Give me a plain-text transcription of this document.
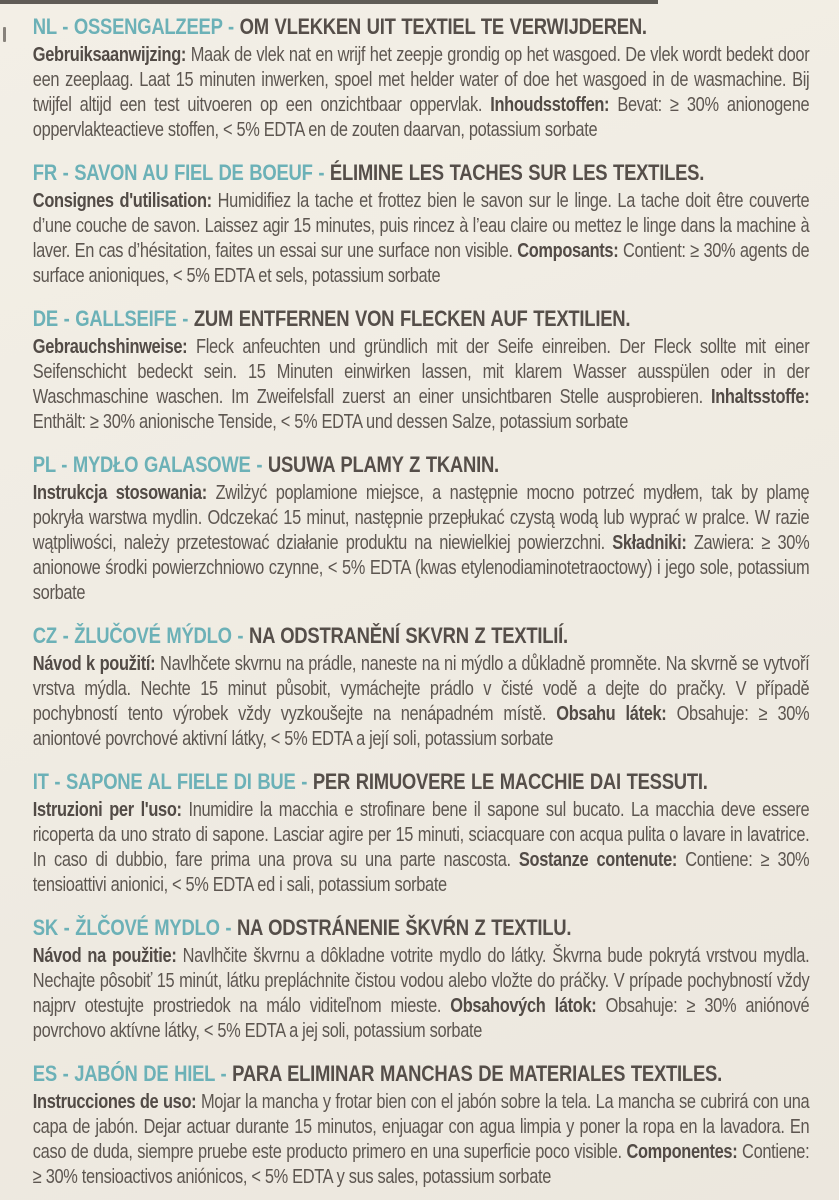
NL - OSSENGALZEEP - OM VLEKKEN UIT TEXTIEL TE VERWIJDEREN.

Gebruiksaanwijzing: Maak de vlek nat en wrijf het zeepje grondig op het wasgoed. De vlek wordt bedekt door een zeeplaag. Laat 15 minuten inwerken, spoel met helder water of doe het wasgoed in de wasmachine. Bij twijfel altijd een test uitvoeren op een onzichtbaar oppervlak. Inhoudsstoffen: Bevat: ≥ 30% anionogene oppervlakteactieve stoffen, < 5% EDTA en de zouten daarvan, potassium sorbate

FR - SAVON AU FIEL DE BOEUF - ÉLIMINE LES TACHES SUR LES TEXTILES.

Consignes d'utilisation: Humidifiez la tache et frottez bien le savon sur le linge. La tache doit être couverte d’une couche de savon. Laissez agir 15 minutes, puis rincez à l’eau claire ou mettez le linge dans la machine à laver. En cas d’hésitation, faites un essai sur une surface non visible. Composants: Contient: ≥ 30% agents de surface anioniques, < 5% EDTA et sels, potassium sorbate

DE - GALLSEIFE - ZUM ENTFERNEN VON FLECKEN AUF TEXTILIEN.

Gebrauchshinweise: Fleck anfeuchten und gründlich mit der Seife einreiben. Der Fleck sollte mit einer Seifenschicht bedeckt sein. 15 Minuten einwirken lassen, mit klarem Wasser ausspülen oder in der Waschmaschine waschen. Im Zweifelsfall zuerst an einer unsichtbaren Stelle ausprobieren. Inhaltsstoffe: Enthält: ≥ 30% anionische Tenside, < 5% EDTA und dessen Salze, potassium sorbate

PL - MYDŁO GALASOWE - USUWA PLAMY Z TKANIN.

Instrukcja stosowania: Zwilżyć poplamione miejsce, a następnie mocno potrzeć mydłem, tak by plamę pokryła warstwa mydlin. Odczekać 15 minut, następnie przepłukać czystą wodą lub wyprać w pralce. W razie wątpliwości, należy przetestować działanie produktu na niewielkiej powierzchni. Składniki: Zawiera: ≥ 30% anionowe środki powierzchniowo czynne, < 5% EDTA (kwas etylenodiaminotetraoctowy) i jego sole, potassium sorbate

CZ - ŽLUČOVÉ MÝDLO - NA ODSTRANĚNÍ SKVRN Z TEXTILIÍ.

Návod k použití: Navlhčete skvrnu na prádle, naneste na ni mýdlo a důkladně promněte. Na skvrně se vytvoří vrstva mýdla. Nechte 15 minut působit, vymáchejte prádlo v čisté vodě a dejte do pračky. V případě pochybností tento výrobek vždy vyzkoušejte na nenápadném místě. Obsahu látek: Obsahuje: ≥ 30% aniontové povrchové aktivní látky, < 5% EDTA a její soli, potassium sorbate

IT - SAPONE AL FIELE DI BUE - PER RIMUOVERE LE MACCHIE DAI TESSUTI.

Istruzioni per l'uso: Inumidire la macchia e strofinare bene il sapone sul bucato. La macchia deve essere ricoperta da uno strato di sapone. Lasciar agire per 15 minuti, sciacquare con acqua pulita o lavare in lavatrice. In caso di dubbio, fare prima una prova su una parte nascosta. Sostanze contenute: Contiene: ≥ 30% tensioattivi anionici, < 5% EDTA ed i sali, potassium sorbate

SK - ŽLČOVÉ MYDLO - NA ODSTRÁNENIE ŠKVŔN Z TEXTILU.

Návod na použitie: Navlhčite škvrnu a dôkladne votrite mydlo do látky. Škvrna bude pokrytá vrstvou mydla. Nechajte pôsobiť 15 minút, látku prepláchnite čistou vodou alebo vložte do práčky. V prípade pochybností vždy najprv otestujte prostriedok na málo viditeľnom mieste. Obsahových látok: Obsahuje: ≥ 30% aniónové povrchovo aktívne látky, < 5% EDTA a jej soli, potassium sorbate

ES - JABÓN DE HIEL - PARA ELIMINAR MANCHAS DE MATERIALES TEXTILES.

Instrucciones de uso: Mojar la mancha y frotar bien con el jabón sobre la tela. La mancha se cubrirá con una capa de jabón. Dejar actuar durante 15 minutos, enjuagar con agua limpia y poner la ropa en la lavadora. En caso de duda, siempre pruebe este producto primero en una superficie poco visible. Componentes: Contiene: ≥ 30% tensioactivos aniónicos, < 5% EDTA y sus sales, potassium sorbate
